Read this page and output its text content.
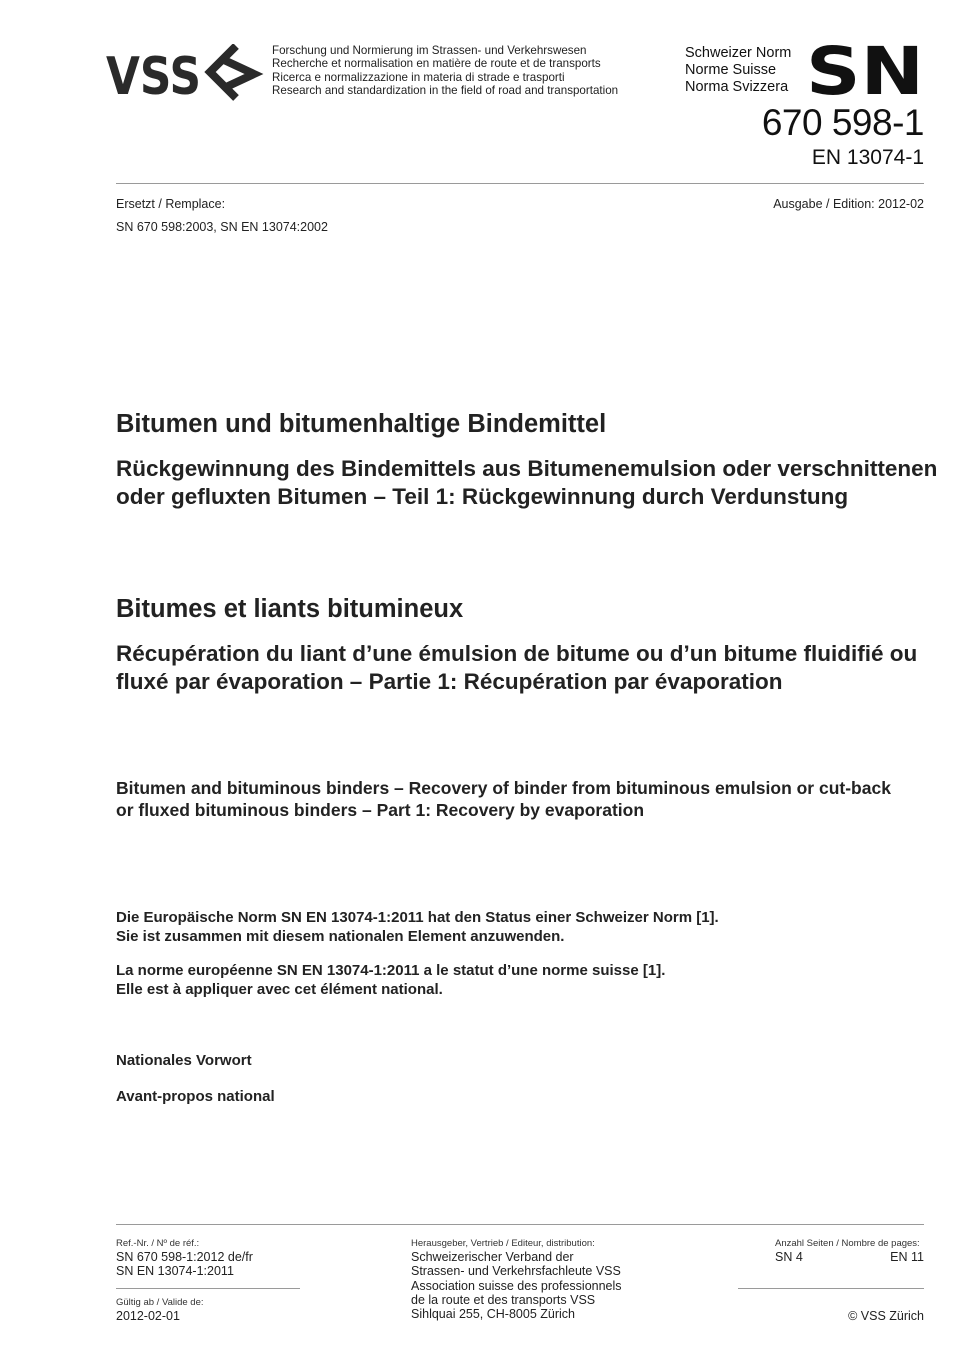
VSS	Forschung und Normierung im Strassen- und Verkehrswesen
Recherche et normalisation en matière de route et de transports
Ricerca e normalizzazione in materia di strade e trasporti
Research and standardization in the field of road and transportation
Schweizer Norm
Norme Suisse
Norma Svizzera SN
670 598-1
EN 13074-1
Ersetzt / Remplace:
SN 670 598:2003, SN EN 13074:2002
Ausgabe / Edition: 2012-02
Bitumen und bitumenhaltige Bindemittel
Rückgewinnung des Bindemittels aus Bitumenemulsion oder verschnittenen oder gefluxten Bitumen – Teil 1: Rückgewinnung durch Verdunstung
Bitumes et liants bitumineux
Récupération du liant d’une émulsion de bitume ou d’un bitume fluidifié ou fluxé par évaporation – Partie 1: Récupération par évaporation
Bitumen and bituminous binders – Recovery of binder from bituminous emulsion or cut-back or fluxed bituminous binders – Part 1: Recovery by evaporation
Die Europäische Norm SN EN 13074-1:2011 hat den Status einer Schweizer Norm [1].
Sie ist zusammen mit diesem nationalen Element anzuwenden.
La norme européenne SN EN 13074-1:2011 a le statut d’une norme suisse [1].
Elle est à appliquer avec cet élément national.
Nationales Vorwort
Avant-propos national
Ref.-Nr. / Nº de réf.:
SN 670 598-1:2012 de/fr
SN EN 13074-1:2011
Gültig ab / Valide de:
2012-02-01
Herausgeber, Vertrieb / Editeur, distribution:
Schweizerischer Verband der
Strassen- und Verkehrsfachleute VSS
Association suisse des professionnels
de la route et des transports VSS
Sihlquai 255, CH-8005 Zürich
Anzahl Seiten / Nombre de pages:
SN 4	EN 11
© VSS Zürich
